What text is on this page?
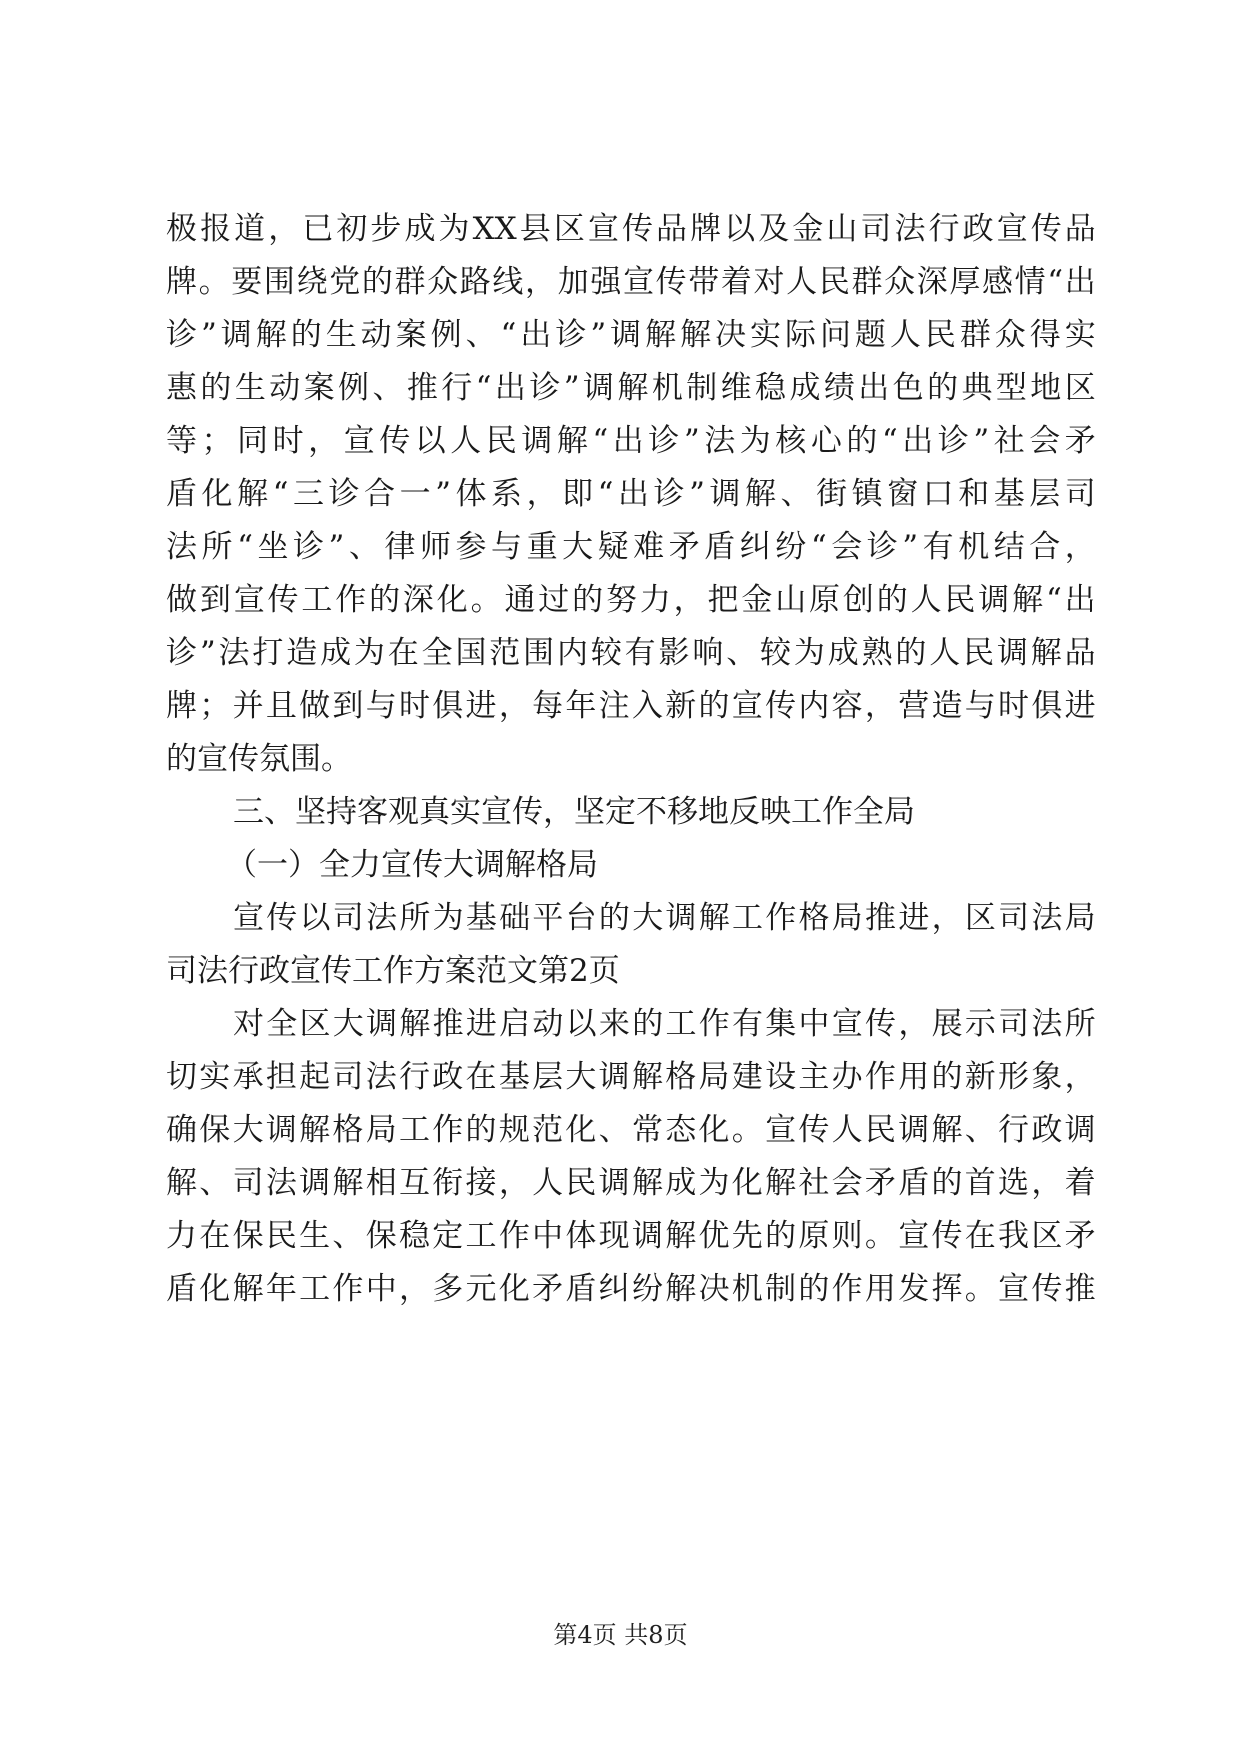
极 报 道 ， 已 初 步 成 为 XX 县 区 宣 传 品 牌 以 及 金 山 司 法 行 政 宣 传 品
牌 。 要 围 绕 党 的 群 众 路 线 ， 加 强 宣 传 带 着 对 人 民 群 众 深 厚 感 情 “ 出
诊 ” 调 解 的 生 动 案 例 、 “ 出 诊 ” 调 解 解 决 实 际 问 题 人 民 群 众 得 实
惠 的 生 动 案 例 、 推 行 “ 出 诊 ” 调 解 机 制 维 稳 成 绩 出 色 的 典 型 地 区
等 ； 同 时 ， 宣 传 以 人 民 调 解 “ 出 诊 ” 法 为 核 心 的 “ 出 诊 ” 社 会 矛
盾 化 解 “ 三 诊 合 一 ” 体 系 ， 即 “ 出 诊 ” 调 解 、 街 镇 窗 口 和 基 层 司
法 所 “ 坐 诊 ” 、 律 师 参 与 重 大 疑 难 矛 盾 纠 纷 “ 会 诊 ” 有 机 结 合 ，
做 到 宣 传 工 作 的 深 化 。 通 过 的 努 力 ， 把 金 山 原 创 的 人 民 调 解 “ 出
诊 ” 法 打 造 成 为 在 全 国 范 围 内 较 有 影 响 、 较 为 成 熟 的 人 民 调 解 品
牌 ； 并 且 做 到 与 时 俱 进 ， 每 年 注 入 新 的 宣 传 内 容 ， 营 造 与 时 俱 进
的宣传氛围。
三、坚持客观真实宣传，坚定不移地反映工作全局
（一）全力宣传大调解格局
宣 传 以 司 法 所 为 基 础 平 台 的 大 调 解 工 作 格 局 推 进 ， 区 司 法 局
司法行政宣传工作方案范文第2页
对 全 区 大 调 解 推 进 启 动 以 来 的 工 作 有 集 中 宣 传 ， 展 示 司 法 所
切 实 承 担 起 司 法 行 政 在 基 层 大 调 解 格 局 建 设 主 办 作 用 的 新 形 象 ，
确 保 大 调 解 格 局 工 作 的 规 范 化 、 常 态 化 。 宣 传 人 民 调 解 、 行 政 调
解 、 司 法 调 解 相 互 衔 接 ， 人 民 调 解 成 为 化 解 社 会 矛 盾 的 首 选 ， 着
力 在 保 民 生 、 保 稳 定 工 作 中 体 现 调 解 优 先 的 原 则 。 宣 传 在 我 区 矛
盾 化 解 年 工 作 中 ， 多 元 化 矛 盾 纠 纷 解 决 机 制 的 作 用 发 挥 。 宣 传 推
第4页 共8页
